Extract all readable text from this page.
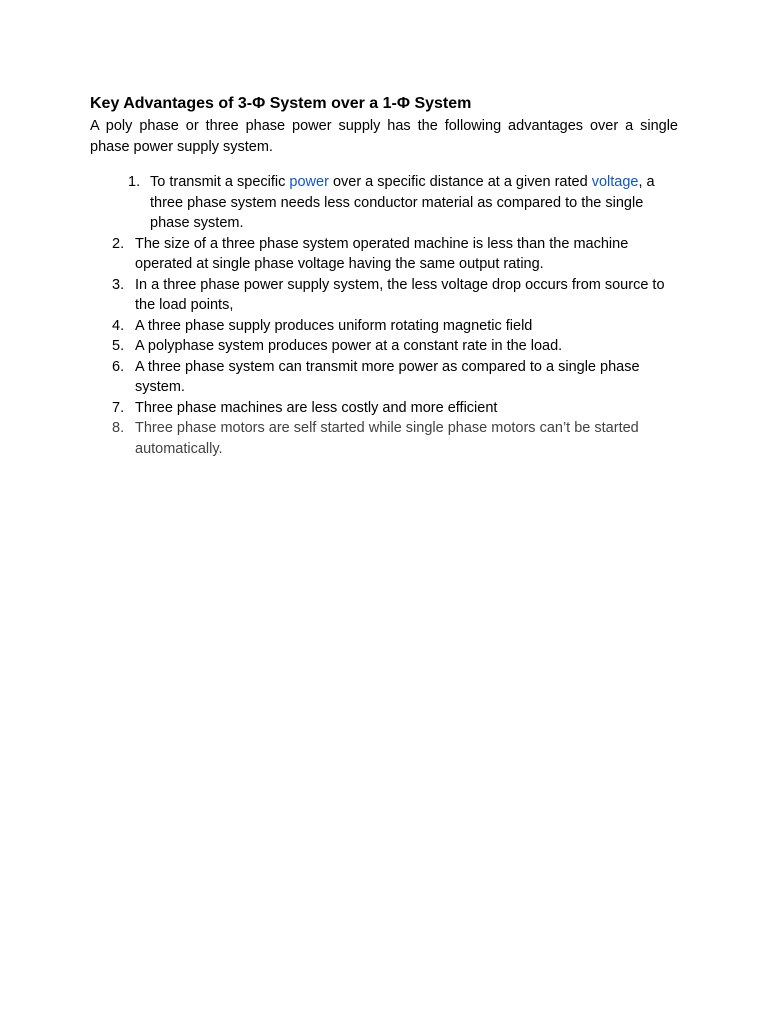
Key Advantages of 3-Φ System over a 1-Φ System

A poly phase or three phase power supply has the following advantages over a single phase power supply system.

1. To transmit a specific power over a specific distance at a given rated voltage, a three phase system needs less conductor material as compared to the single phase system.
2. The size of a three phase system operated machine is less than the machine operated at single phase voltage having the same output rating.
3. In a three phase power supply system, the less voltage drop occurs from source to the load points,
4. A three phase supply produces uniform rotating magnetic field
5. A polyphase system produces power at a constant rate in the load.
6. A three phase system can transmit more power as compared to a single phase system.
7. Three phase machines are less costly and more efficient
8. Three phase motors are self started while single phase motors can’t be started automatically.
